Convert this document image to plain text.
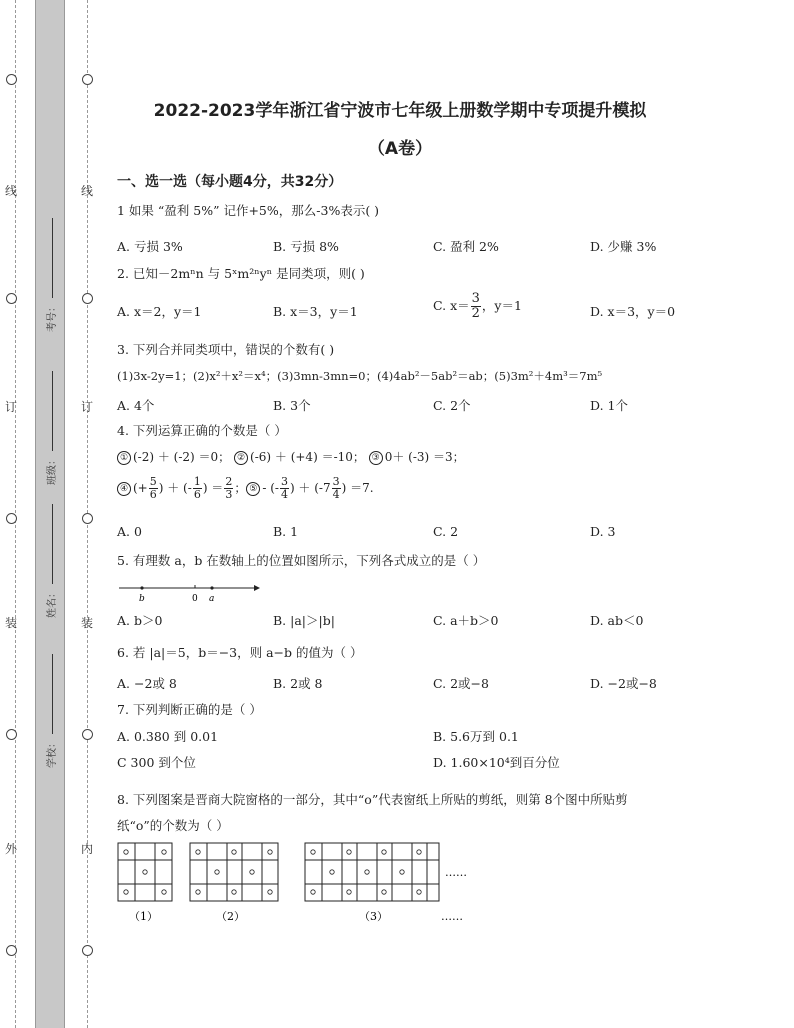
线
订
装
外
线
订
装
内
考号：
班级：
姓名：
学校：
2022-2023学年浙江省宁波市七年级上册数学期中专项提升模拟
（A卷）
一、选一选（每小题4分，共32分）
1 如果 “盈利 5%” 记作+5%，那么-3%表示( )
A. 亏损 3%	B. 亏损 8%	C. 盈利 2%	D. 少赚 3%
2. 已知－2mⁿn 与 5ˣm²ⁿyⁿ 是同类项，则( )
A. x＝2，y＝1	B. x＝3，y＝1	C. $x= \frac{3}{2}$ ，y＝1	D. x＝3，y＝0
3. 下列合并同类项中，错误的个数有( )
(1)3x-2y=1；(2)x²＋x²＝x⁴；(3)3mn-3mn=0；(4)4ab²－5ab²＝ab；(5)3m²＋4m³＝7m⁵
A. 4个	B. 3个	C. 2个	D. 1个
4. 下列运算正确的个数是（ ）
① (-2) ＋ (-2) ＝0； ② (-6) ＋ (+4) ＝-10； ③ 0＋ (-3) ＝3；
④ (+ $\frac{5}{6}$ ) ＋ (- $\frac{1}{6}$ ) ＝ $\frac{2}{3}$ ； ⑤ - (- $\frac{3}{4}$ ) ＋ ($-7 \frac{3}{4}$ ) ＝7.
A. 0	B. 1	C. 2	D. 3
5. 有理数 a，b 在数轴上的位置如图所示，下列各式成立的是（ ）
b	0 a
A. b＞0	B. |a|＞|b|	C. a＋b＞0	D. ab＜0
6. 若 |a|＝5，b＝−3，则 a−b 的值为（ ）
A. −2或 8	B. 2或 8	C. 2或−8	D. −2或−8
7. 下列判断正确的是（ ）
A. 0.380 到 0.01	B. 5.6万到 0.1
C 300 到个位	D. 1.60×10⁴到百分位
8. 下列图案是晋商大院窗格的一部分，其中“o”代表窗纸上所贴的剪纸，则第 8个图中所贴剪
纸“o”的个数为（ ）
……
（1）	（2）	（3）	……
